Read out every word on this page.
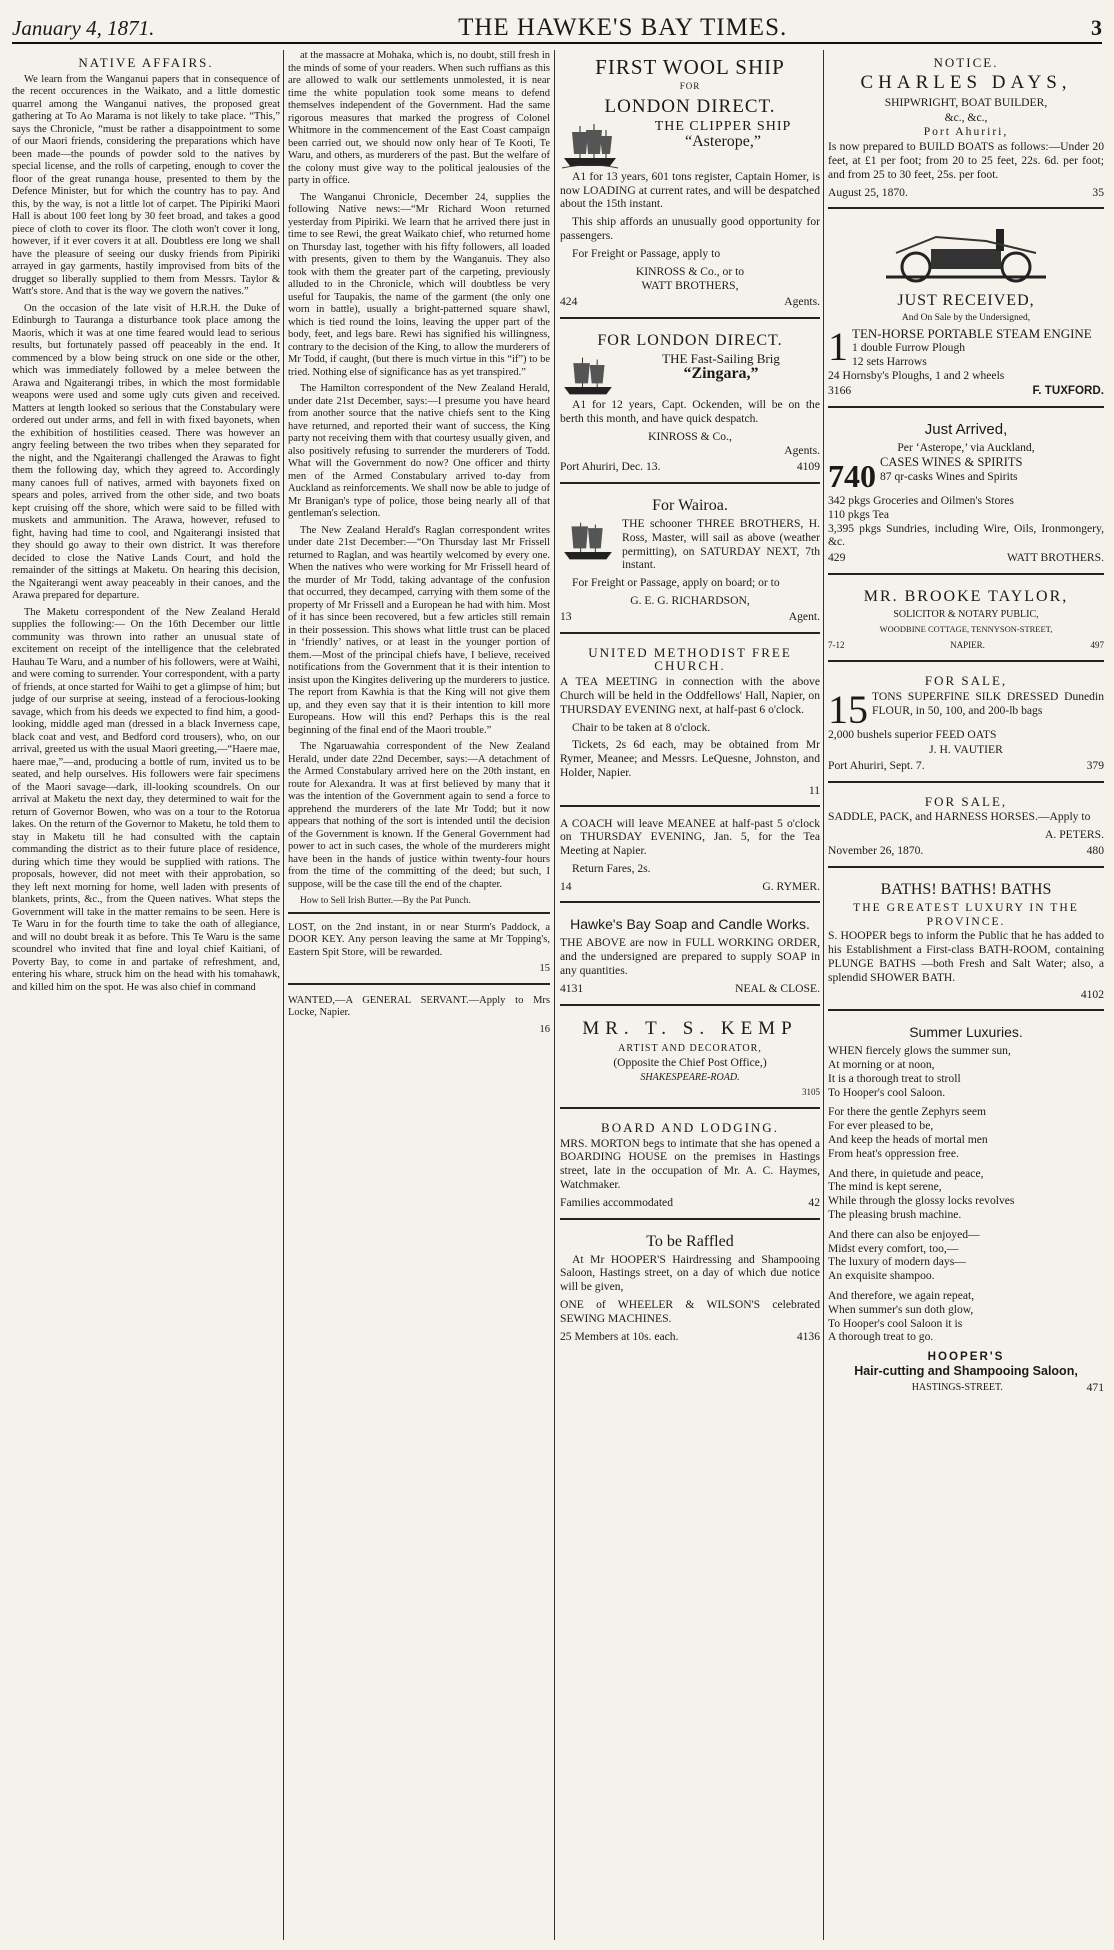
January 4, 1871.	THE HAWKE'S BAY TIMES.	3
NATIVE AFFAIRS.

We learn from the Wanganui papers that in consequence of the recent occurences in the Waikato, and a little domestic quarrel among the Wanganui natives, the proposed great gathering at To Ao Marama is not likely to take place. “This,” says the Chronicle, “must be rather a disappointment to some of our Maori friends, considering the preparations which have been made—the pounds of powder sold to the natives by special license, and the rolls of carpeting, enough to cover the floor of the great runanga house, presented to them by the Defence Minister, but for which the country has to pay. And this, by the way, is not a little lot of carpet. The Pipiriki Maori Hall is about 100 feet long by 30 feet broad, and takes a good piece of cloth to cover its floor. The cloth won't cover it long, however, if it ever covers it at all. Doubtless ere long we shall have the pleasure of seeing our dusky friends from Pipiriki arrayed in gay garments, hastily improvised from bits of the drugget so liberally supplied to them from Messrs. Taylor & Watt's store. And that is the way we govern the natives.”

On the occasion of the late visit of H.R.H. the Duke of Edinburgh to Tauranga a disturbance took place among the Maoris, which it was at one time feared would lead to serious results, but fortunately passed off peaceably in the end. It commenced by a blow being struck on one side or the other, which was immediately followed by a melee between the Arawa and Ngaiterangi tribes, in which the most formidable weapons were used and some ugly cuts given and received. Matters at length looked so serious that the Constabulary were ordered out under arms, and fell in with fixed bayonets, when the exhibition of hostilities ceased. There was however an angry feeling between the two tribes when they separated for the night, and the Ngaiterangi challenged the Arawas to fight them the following day, which they agreed to. Accordingly many canoes full of natives, armed with bayonets fixed on spears and poles, arrived from the other side, and two boats kept cruising off the shore, which were said to be filled with muskets and ammunition. The Arawa, however, refused to fight, having had time to cool, and Ngaiterangi insisted that they should go away to their own district. It was therefore decided to close the Native Lands Court, and hold the remainder of the sittings at Maketu. On hearing this decision, the Ngaiterangi went away peaceably in their canoes, and the Arawa prepared for departure.

The Maketu correspondent of the New Zealand Herald supplies the following:— On the 16th December our little community was thrown into rather an unusual state of excitement on receipt of the intelligence that the celebrated Hauhau Te Waru, and a number of his followers, were at Waihi, and were coming to surrender. Your correspondent, with a party of friends, at once started for Waihi to get a glimpse of him; but judge of our surprise at seeing, instead of a ferocious-looking savage, which from his deeds we expected to find him, a good-looking, middle aged man (dressed in a black Inverness cape, black coat and vest, and Bedford cord trousers), who, on our arrival, greeted us with the usual Maori greeting,—“Haere mae, haere mae,”—and, producing a bottle of rum, invited us to be seated, and help ourselves. His followers were fair specimens of the Maori savage—dark, ill-looking scoundrels. On our arrival at Maketu the next day, they determined to wait for the return of Governor Bowen, who was on a tour to the Rotorua lakes. On the return of the Governor to Maketu, he told them to stay in Maketu till he had consulted with the captain commanding the district as to their future place of residence, during which time they would be supplied with rations. The proposals, however, did not meet with their approbation, so they left next morning for home, well laden with presents of blankets, prints, &c., from the Queen natives. What steps the Government will take in the matter remains to be seen. Here is Te Waru in for the fourth time to take the oath of allegiance, and will no doubt break it as before. This Te Waru is the same scoundrel who invited that fine and loyal chief Kaitiani, of Poverty Bay, to come in and partake of refreshment, and, entering his whare, struck him on the head with his tomahawk, and killed him on the spot. He was also chief in command

at the massacre at Mohaka, which is, no doubt, still fresh in the minds of some of your readers. When such ruffians as this are allowed to walk our settlements unmolested, it is near time the white population took some means to defend themselves independent of the Government. Had the same rigorous measures that marked the progress of Colonel Whitmore in the commencement of the East Coast campaign been carried out, we should now only hear of Te Kooti, Te Waru, and others, as murderers of the past. But the welfare of the colony must give way to the political jealousies of the party in office.

The Wanganui Chronicle, December 24, supplies the following Native news:—“Mr Richard Woon returned yesterday from Pipiriki. We learn that he arrived there just in time to see Rewi, the great Waikato chief, who returned home on Thursday last, together with his fifty followers, all loaded with presents, given to them by the Wanganuis. They also took with them the greater part of the carpeting, previously alluded to in the Chronicle, which will doubtless be very useful for Taupakis, the name of the garment (the only one worn in battle), usually a bright-patterned square shawl, which is tied round the loins, leaving the upper part of the body, feet, and legs bare. Rewi has signified his willingness, contrary to the decision of the King, to allow the murderers of Mr Todd, if caught, (but there is much virtue in this “if”) to be tried. Nothing else of significance has as yet transpired.”

The Hamilton correspondent of the New Zealand Herald, under date 21st December, says:—I presume you have heard from another source that the native chiefs sent to the King have returned, and reported their want of success, the King party not receiving them with that courtesy usually given, and also positively refusing to surrender the murderers of Todd. What will the Government do now? One officer and thirty men of the Armed Constabulary arrived to-day from Auckland as reinforcements. We shall now be able to judge of Mr Branigan's type of police, those being nearly all of that gentleman's selection.

The New Zealand Herald's Raglan correspondent writes under date 21st December:—“On Thursday last Mr Frissell returned to Raglan, and was heartily welcomed by every one. When the natives who were working for Mr Frissell heard of the murder of Mr Todd, taking advantage of the confusion that occurred, they decamped, carrying with them some of the property of Mr Frissell and a European he had with him. Most of it has since been recovered, but a few articles still remain in their possession. This shows what little trust can be placed in ‘friendly’ natives, or at least in the younger portion of them.—Most of the principal chiefs have, I believe, received notifications from the Government that it is their intention to insist upon the Kingites delivering up the murderers to justice. The report from Kawhia is that the King will not give them up, and they even say that it is their intention to kill more Europeans. How will this end? Perhaps this is the real beginning of the final end of the Maori trouble.”

The Ngaruawahia correspondent of the New Zealand Herald, under date 22nd December, says:—A detachment of the Armed Constabulary arrived here on the 20th instant, en route for Alexandra. It was at first believed by many that it was the intention of the Government again to send a force to apprehend the murderers of the late Mr Todd; but it now appears that nothing of the sort is intended until the decision of the Government is known. If the General Government had power to act in such cases, the whole of the murderers might have been in the hands of justice within twenty-four hours from the time of the committing of the deed; but such, I suppose, will be the case till the end of the chapter.

How to Sell Irish Butter.—By the Pat Punch.

LOST, on the 2nd instant, in or near Sturm's Paddock, a DOOR KEY. Any person leaving the same at Mr Topping's, Eastern Spit Store, will be rewarded.

15

WANTED,—A GENERAL SERVANT.—Apply to Mrs Locke, Napier.

16

FIRST WOOL SHIP

FOR

LONDON DIRECT.

THE CLIPPER SHIP

“Asterope,”

A1 for 13 years, 601 tons register, Captain Homer, is now LOADING at current rates, and will be despatched about the 15th instant.

This ship affords an unusually good opportunity for passengers.

For Freight or Passage, apply to

KINROSS & Co., or to

WATT BROTHERS,

424	Agents.
FOR LONDON DIRECT.

THE Fast-Sailing Brig

“Zingara,”

A1 for 12 years, Capt. Ockenden, will be on the berth this month, and have quick despatch.

KINROSS & Co.,

Agents.

Port Ahuriri, Dec. 13.	4109
For Wairoa.

THE schooner THREE BROTHERS, H. Ross, Master, will sail as above (weather permitting), on SATURDAY NEXT, 7th instant.

For Freight or Passage, apply on board; or to

G. E. G. RICHARDSON,

13	Agent.
UNITED METHODIST FREE CHURCH.

A TEA MEETING in connection with the above Church will be held in the Oddfellows' Hall, Napier, on THURSDAY EVENING next, at half-past 6 o'clock.

Chair to be taken at 8 o'clock.

Tickets, 2s 6d each, may be obtained from Mr Rymer, Meanee; and Messrs. LeQuesne, Johnston, and Holder, Napier.

11

A COACH will leave MEANEE at half-past 5 o'clock on THURSDAY EVENING, Jan. 5, for the Tea Meeting at Napier.

Return Fares, 2s.

14	G. RYMER.
Hawke's Bay Soap and Candle Works.

THE ABOVE are now in FULL WORKING ORDER, and the undersigned are prepared to supply SOAP in any quantities.

4131	NEAL & CLOSE.
MR. T. S. KEMP

ARTIST AND DECORATOR,

(Opposite the Chief Post Office,)

SHAKESPEARE-ROAD.

3105

BOARD AND LODGING.

MRS. MORTON begs to intimate that she has opened a BOARDING HOUSE on the premises in Hastings street, late in the occupation of Mr. A. C. Haymes, Watchmaker.

Families accommodated	42
To be Raffled

At Mr HOOPER'S Hairdressing and Shampooing Saloon, Hastings street, on a day of which due notice will be given,

ONE of WHEELER & WILSON'S celebrated SEWING MACHINES.

25 Members at 10s. each.	4136
NOTICE.
CHARLES DAYS,

SHIPWRIGHT, BOAT BUILDER,

&c., &c.,

Port Ahuriri,

Is now prepared to BUILD BOATS as follows:—Under 20 feet, at £1 per foot; from 20 to 25 feet, 22s. 6d. per foot; and from 25 to 30 feet, 25s. per foot.

August 25, 1870.	35
JUST RECEIVED,

And On Sale by the Undersigned,

1 TEN-HORSE PORTABLE STEAM ENGINE

1 double Furrow Plough

12 sets Harrows

24 Hornsby's Ploughs, 1 and 2 wheels

3166	F. TUXFORD.
Just Arrived,

Per ‘Asterope,’ via Auckland,

740 CASES WINES & SPIRITS

87 qr-casks Wines and Spirits

342 pkgs Groceries and Oilmen's Stores

110 pkgs Tea

3,395 pkgs Sundries, including Wire, Oils, Ironmongery, &c.

429	WATT BROTHERS.
MR. BROOKE TAYLOR,

SOLICITOR & NOTARY PUBLIC,

WOODBINE COTTAGE, TENNYSON-STREET,

7-12	NAPIER.	497
FOR SALE,
15 TONS SUPERFINE SILK DRESSED Dunedin FLOUR, in 50, 100, and 200-lb bags

2,000 bushels superior FEED OATS

J. H. VAUTIER

Port Ahuriri, Sept. 7.	379
FOR SALE,

SADDLE, PACK, and HARNESS HORSES.—Apply to

A. PETERS.

November 26, 1870.	480
BATHS! BATHS! BATHS

THE GREATEST LUXURY IN THE PROVINCE.

S. HOOPER begs to inform the Public that he has added to his Establishment a First-class BATH-ROOM, containing PLUNGE BATHS —both Fresh and Salt Water; also, a splendid SHOWER BATH.

4102

Summer Luxuries.

WHEN fiercely glows the summer sun,
At morning or at noon,
It is a thorough treat to stroll
To Hooper's cool Saloon.

For there the gentle Zephyrs seem
For ever pleased to be,
And keep the heads of mortal men
From heat's oppression free.

And there, in quietude and peace,
The mind is kept serene,
While through the glossy locks revolves
The pleasing brush machine.

And there can also be enjoyed—
Midst every comfort, too,—
The luxury of modern days—
An exquisite shampoo.

And therefore, we again repeat,
When summer's sun doth glow,
To Hooper's cool Saloon it is
A thorough treat to go.

HOOPER'S

Hair-cutting and Shampooing Saloon,

HASTINGS-STREET.	471
